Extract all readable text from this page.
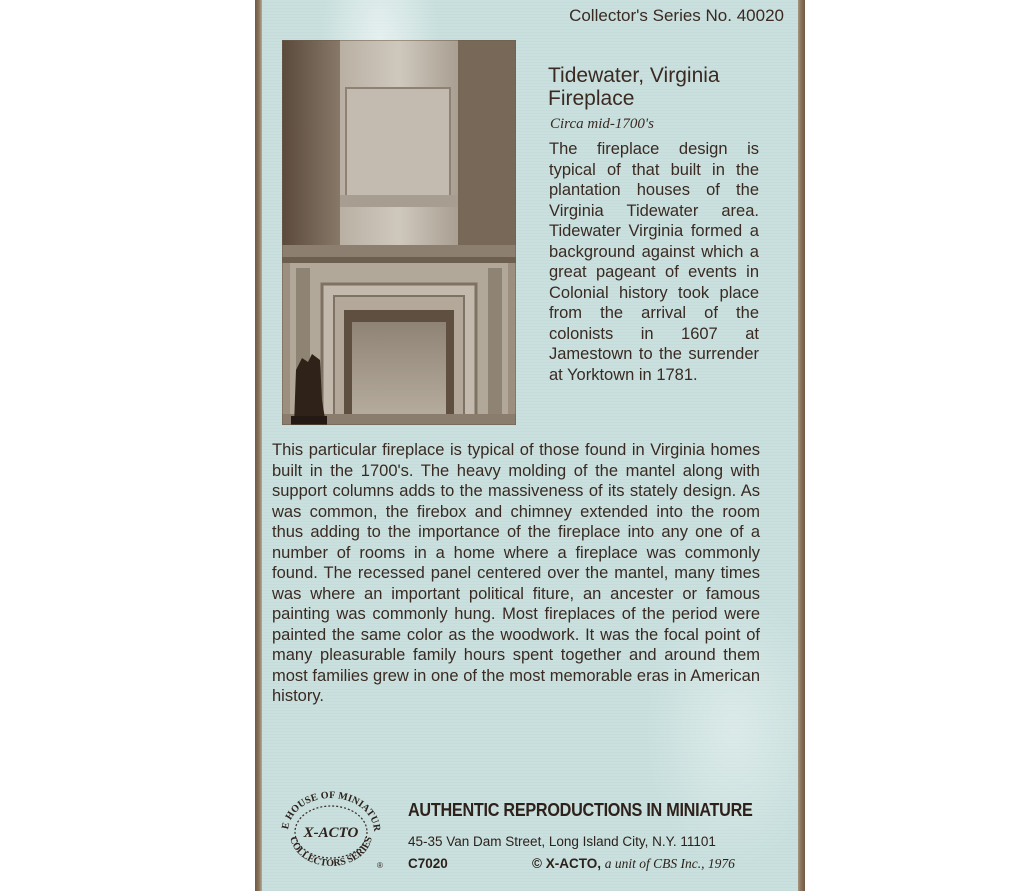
Collector's Series No. 40020
Tidewater, Virginia
Fireplace
Circa mid-1700's
The fireplace design is typical of that built in the plantation houses of the Virginia Tidewater area. Tidewater Virginia formed a background against which a great pageant of events in Colonial history took place from the arrival of the colonists in 1607 at Jamestown to the surrender at Yorktown in 1781.
This particular fireplace is typical of those found in Virginia homes built in the 1700's. The heavy molding of the mantel along with support columns adds to the massiveness of its stately design. As was common, the firebox and chimney extended into the room thus adding to the importance of the fireplace into any one of a number of rooms in a home where a fireplace was commonly found. The recessed panel centered over the mantel, many times was where an important political fiture, an ancester or famous painting was commonly hung. Most fireplaces of the period were painted the same color as the woodwork. It was the focal point of many pleasurable family hours spent together and around them most families grew in one of the most memorable eras in American history.
E HOUSE OF MINIATUR
COLLECTORS SERIES
X-ACTO
®
AUTHENTIC REPRODUCTIONS IN MINIATURE
45-35 Van Dam Street, Long Island City, N.Y. 11101
C7020	© X-ACTO, a unit of CBS Inc., 1976
